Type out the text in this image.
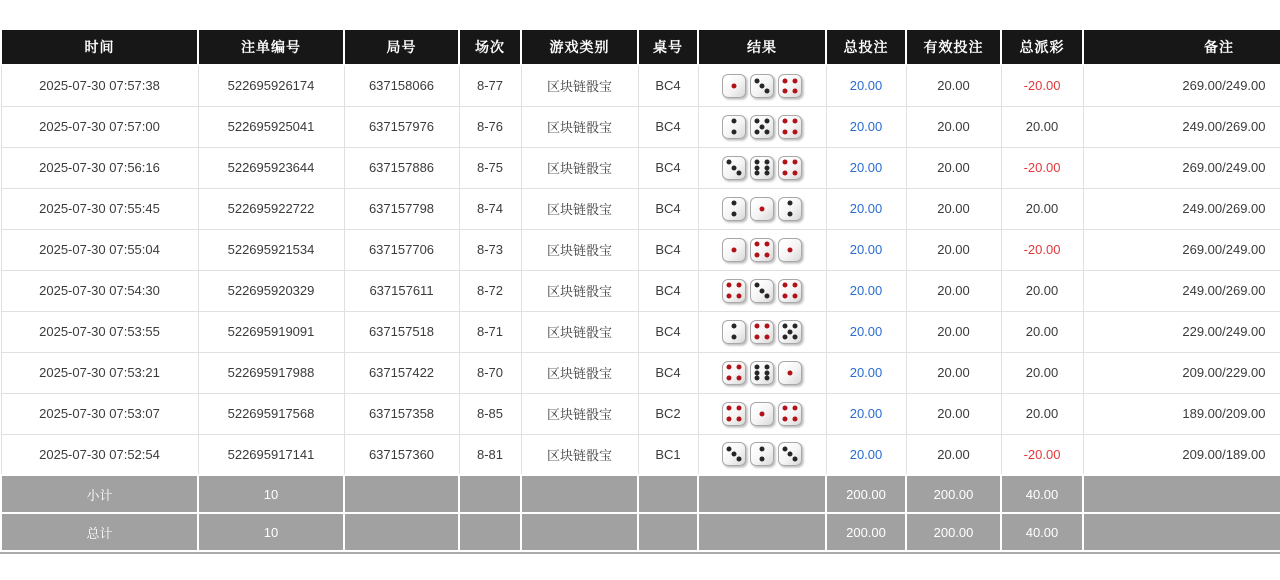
时间	注单编号	局号	场次	游戏类别	桌号	结果	总投注	有效投注	总派彩	备注
2025-07-30 07:57:38	522695926174	637158066	8-77	区块链骰宝	BC4		20.00	20.00	-20.00	269.00/249.00
2025-07-30 07:57:00	522695925041	637157976	8-76	区块链骰宝	BC4		20.00	20.00	20.00	249.00/269.00
2025-07-30 07:56:16	522695923644	637157886	8-75	区块链骰宝	BC4		20.00	20.00	-20.00	269.00/249.00
2025-07-30 07:55:45	522695922722	637157798	8-74	区块链骰宝	BC4		20.00	20.00	20.00	249.00/269.00
2025-07-30 07:55:04	522695921534	637157706	8-73	区块链骰宝	BC4		20.00	20.00	-20.00	269.00/249.00
2025-07-30 07:54:30	522695920329	637157611	8-72	区块链骰宝	BC4		20.00	20.00	20.00	249.00/269.00
2025-07-30 07:53:55	522695919091	637157518	8-71	区块链骰宝	BC4		20.00	20.00	20.00	229.00/249.00
2025-07-30 07:53:21	522695917988	637157422	8-70	区块链骰宝	BC4		20.00	20.00	20.00	209.00/229.00
2025-07-30 07:53:07	522695917568	637157358	8-85	区块链骰宝	BC2		20.00	20.00	20.00	189.00/209.00
2025-07-30 07:52:54	522695917141	637157360	8-81	区块链骰宝	BC1		20.00	20.00	-20.00	209.00/189.00
小计	10						200.00	200.00	40.00	
总计	10						200.00	200.00	40.00	
